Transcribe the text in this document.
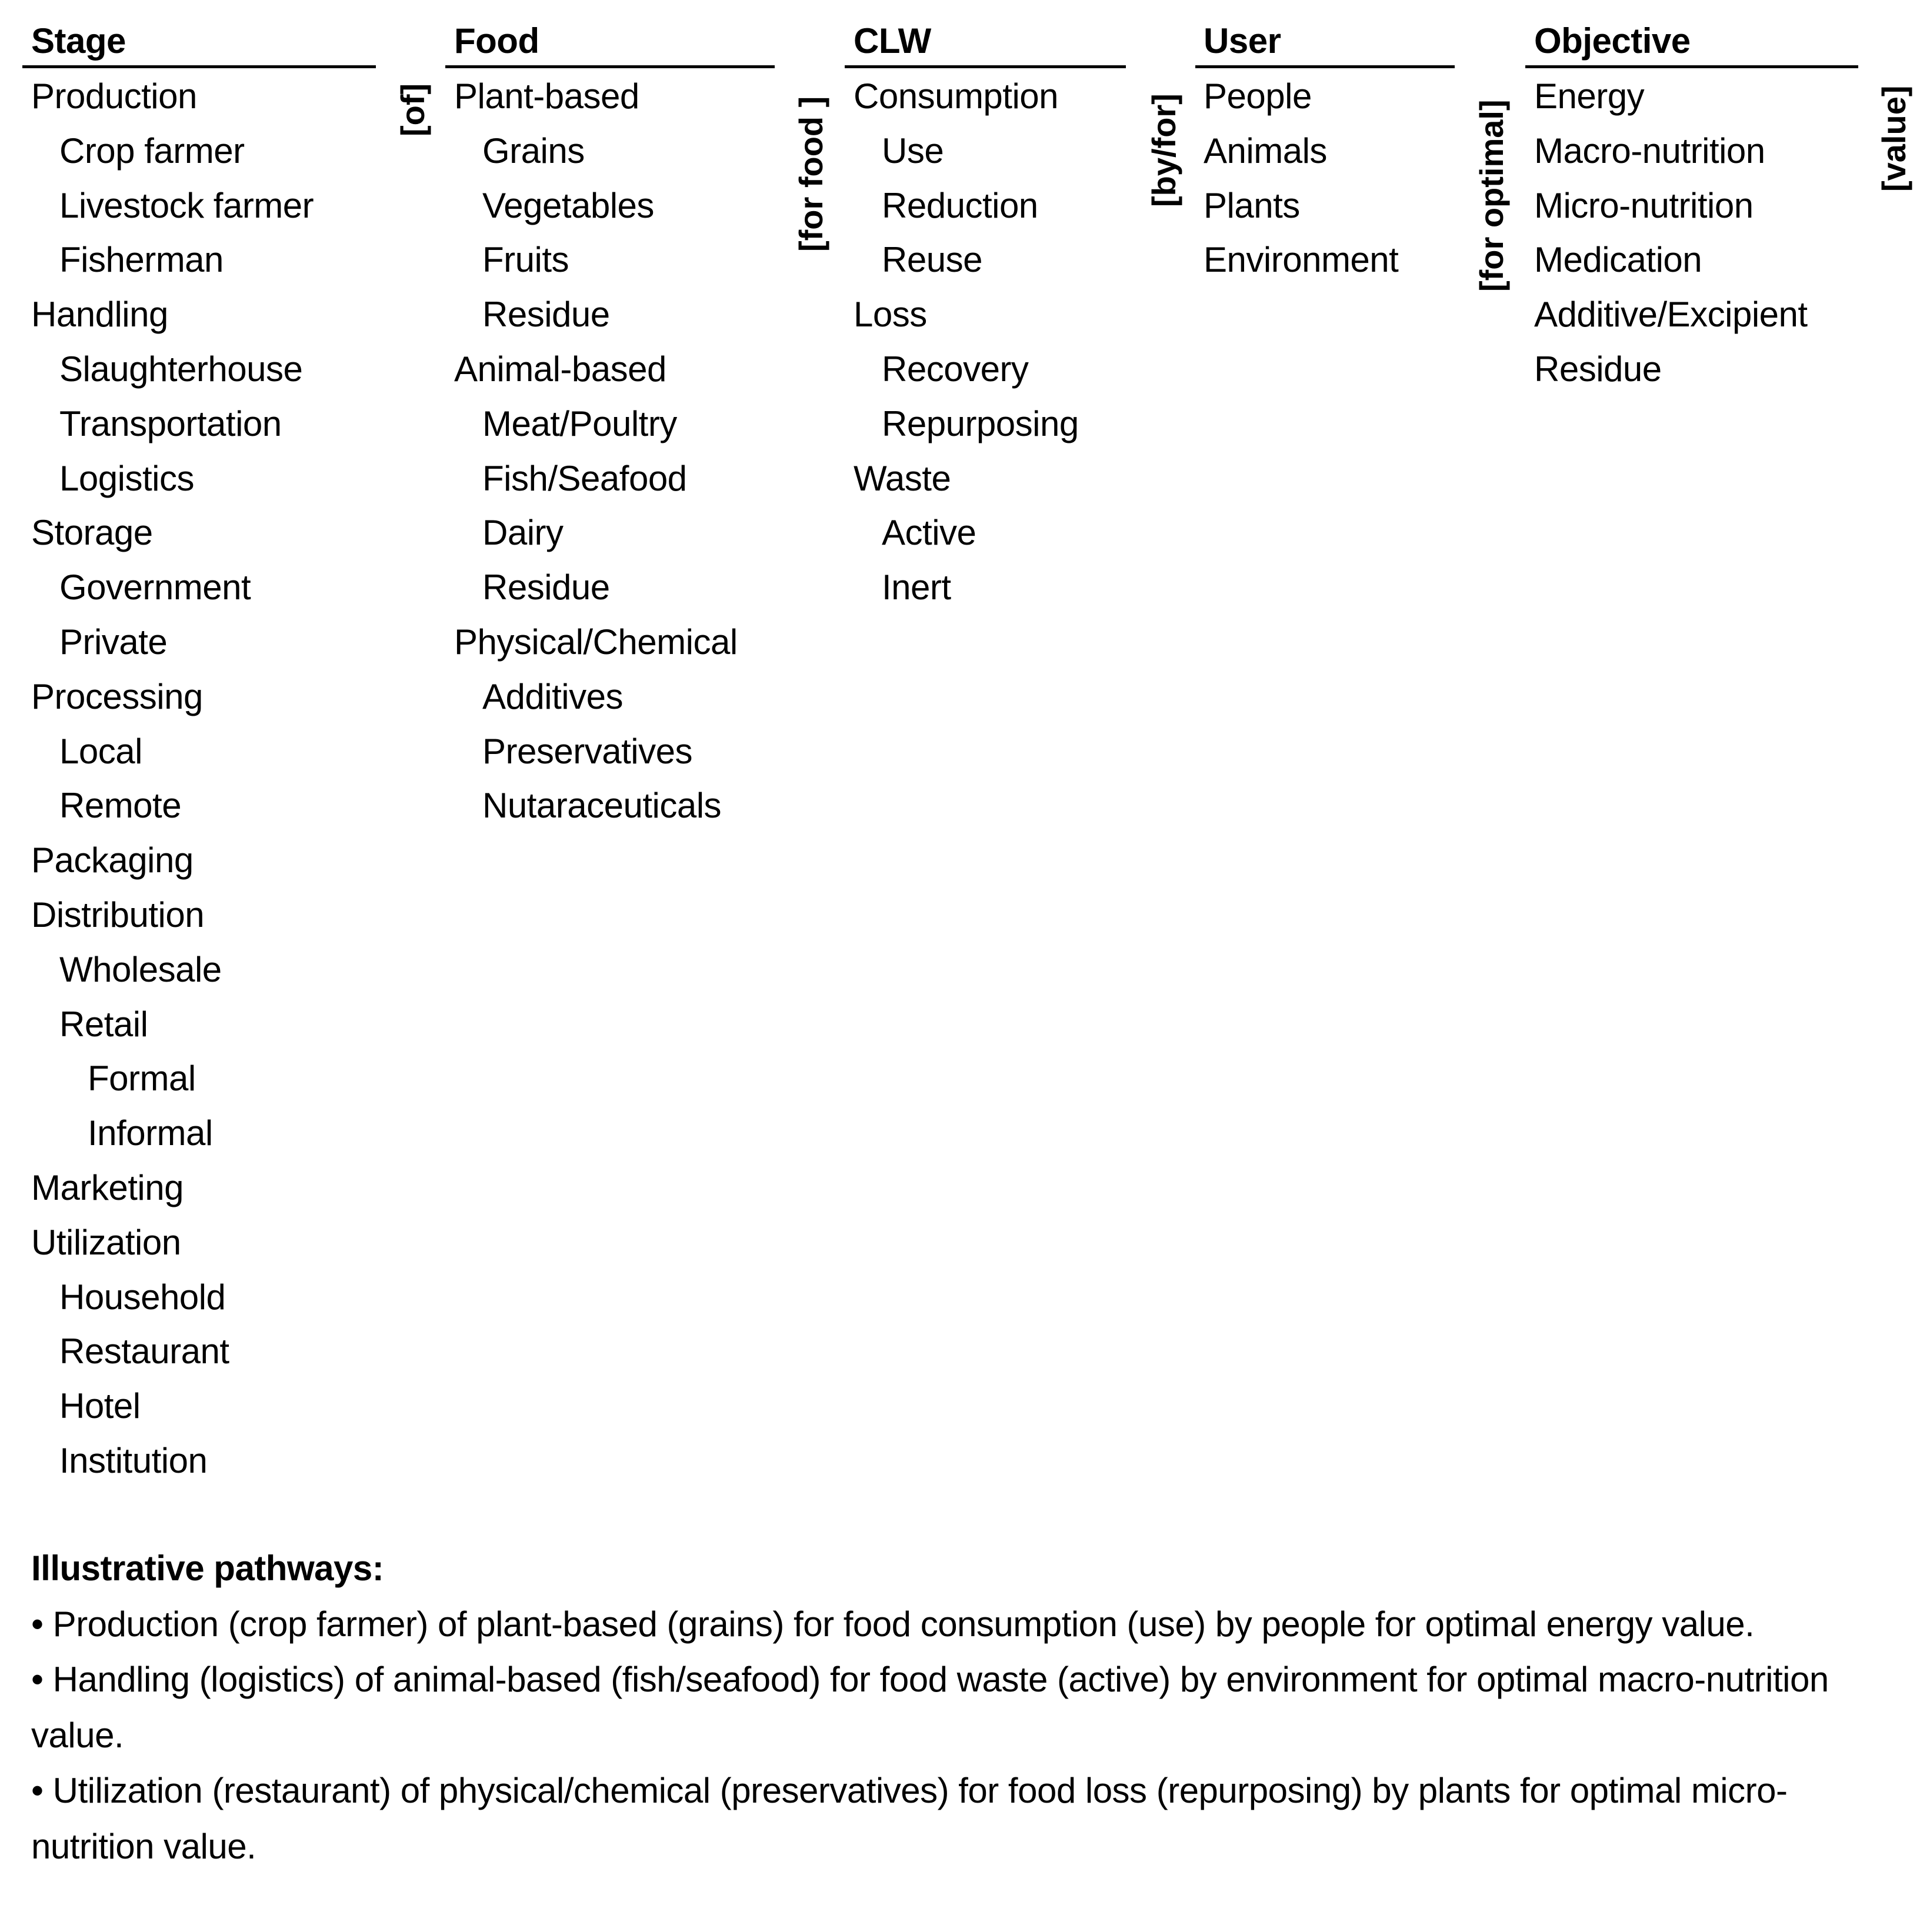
Stage
Production
Crop farmer
Livestock farmer
Fisherman
Handling
Slaughterhouse
Transportation
Logistics
Storage
Government
Private
Processing
Local
Remote
Packaging
Distribution
Wholesale
Retail
Formal
Informal
Marketing
Utilization
Household
Restaurant
Hotel
Institution
[of]
Food
Plant-based
Grains
Vegetables
Fruits
Residue
Animal-based
Meat/Poultry
Fish/Seafood
Dairy
Residue
Physical/Chemical
Additives
Preservatives
Nutaraceuticals
[for food ]
CLW
Consumption
Use
Reduction
Reuse
Loss
Recovery
Repurposing
Waste
Active
Inert
[by/for]
User
People
Animals
Plants
Environment [for optimal]
Objective
Energy
Macro-nutrition
Micro-nutrition
Medication
Additive/Excipient
Residue
[value]
Illustrative pathways:

• Production (crop farmer) of plant-based (grains) for food consumption (use) by people for optimal energy value.

• Handling (logistics) of animal-based (fish/seafood) for food waste (active) by environment for optimal macro-nutrition value.

• Utilization (restaurant) of physical/chemical (preservatives) for food loss (repurposing) by plants for optimal micro-nutrition value.
